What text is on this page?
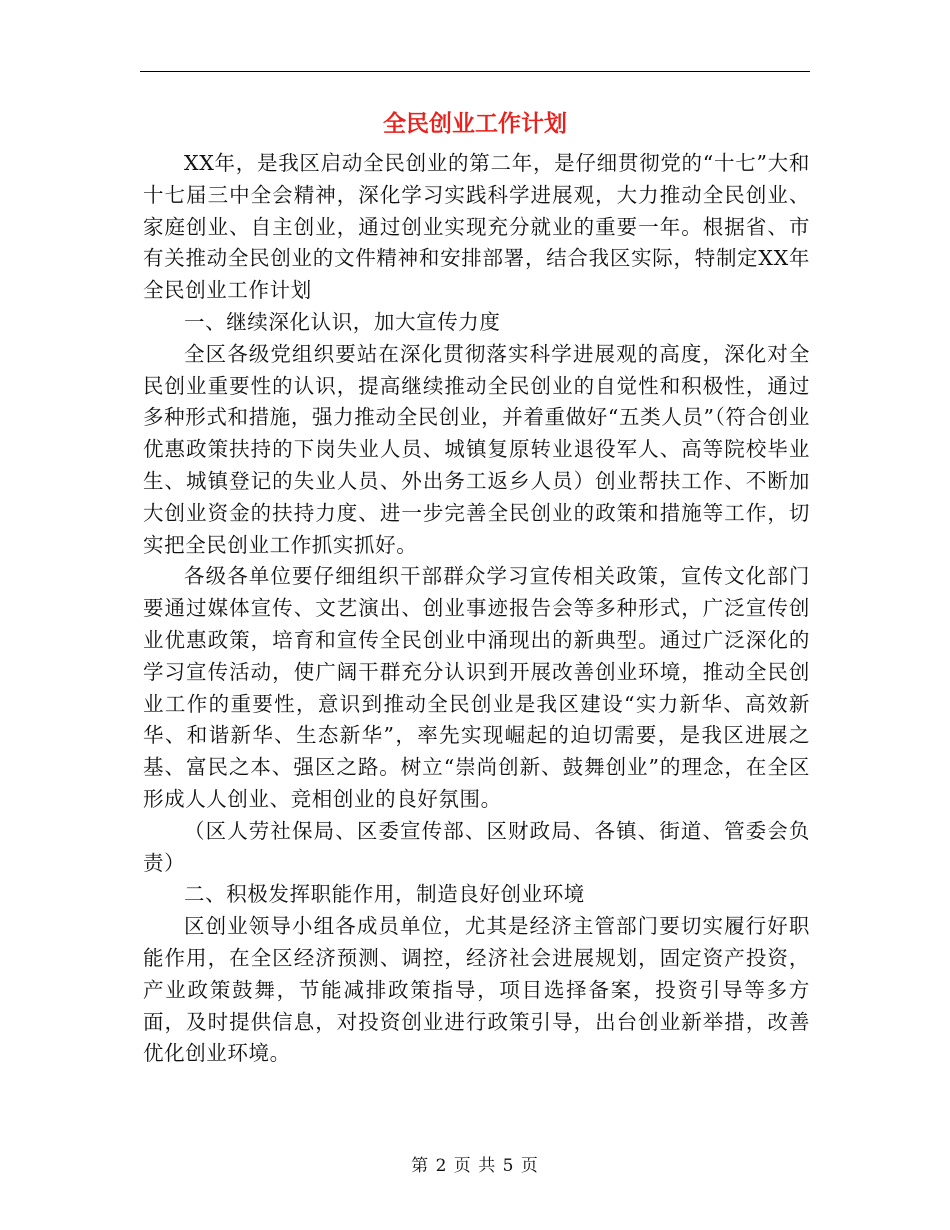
全民创业工作计划

XX年，是我区启动全民创业的第二年，是仔细贯彻党的“十七”大和十七届三中全会精神，深化学习实践科学进展观，大力推动全民创业、家庭创业、自主创业，通过创业实现充分就业的重要一年。根据省、市有关推动全民创业的文件精神和安排部署，结合我区实际，特制定XX年全民创业工作计划

一、继续深化认识，加大宣传力度

全区各级党组织要站在深化贯彻落实科学进展观的高度，深化对全民创业重要性的认识，提高继续推动全民创业的自觉性和积极性，通过多种形式和措施，强力推动全民创业，并着重做好“五类人员”（符合创业优惠政策扶持的下岗失业人员、城镇复原转业退役军人、高等院校毕业生、城镇登记的失业人员、外出务工返乡人员）创业帮扶工作、不断加大创业资金的扶持力度、进一步完善全民创业的政策和措施等工作，切实把全民创业工作抓实抓好。

各级各单位要仔细组织干部群众学习宣传相关政策，宣传文化部门要通过媒体宣传、文艺演出、创业事迹报告会等多种形式，广泛宣传创业优惠政策，培育和宣传全民创业中涌现出的新典型。通过广泛深化的学习宣传活动，使广阔干群充分认识到开展改善创业环境，推动全民创业工作的重要性，意识到推动全民创业是我区建设“实力新华、高效新华、和谐新华、生态新华”，率先实现崛起的迫切需要，是我区进展之基、富民之本、强区之路。树立“崇尚创新、鼓舞创业”的理念，在全区形成人人创业、竞相创业的良好氛围。

（区人劳社保局、区委宣传部、区财政局、各镇、街道、管委会负责）

二、积极发挥职能作用，制造良好创业环境

区创业领导小组各成员单位，尤其是经济主管部门要切实履行好职能作用，在全区经济预测、调控，经济社会进展规划，固定资产投资，产业政策鼓舞，节能减排政策指导，项目选择备案，投资引导等多方面，及时提供信息，对投资创业进行政策引导，出台创业新举措，改善优化创业环境。

第 2 页 共 5 页
